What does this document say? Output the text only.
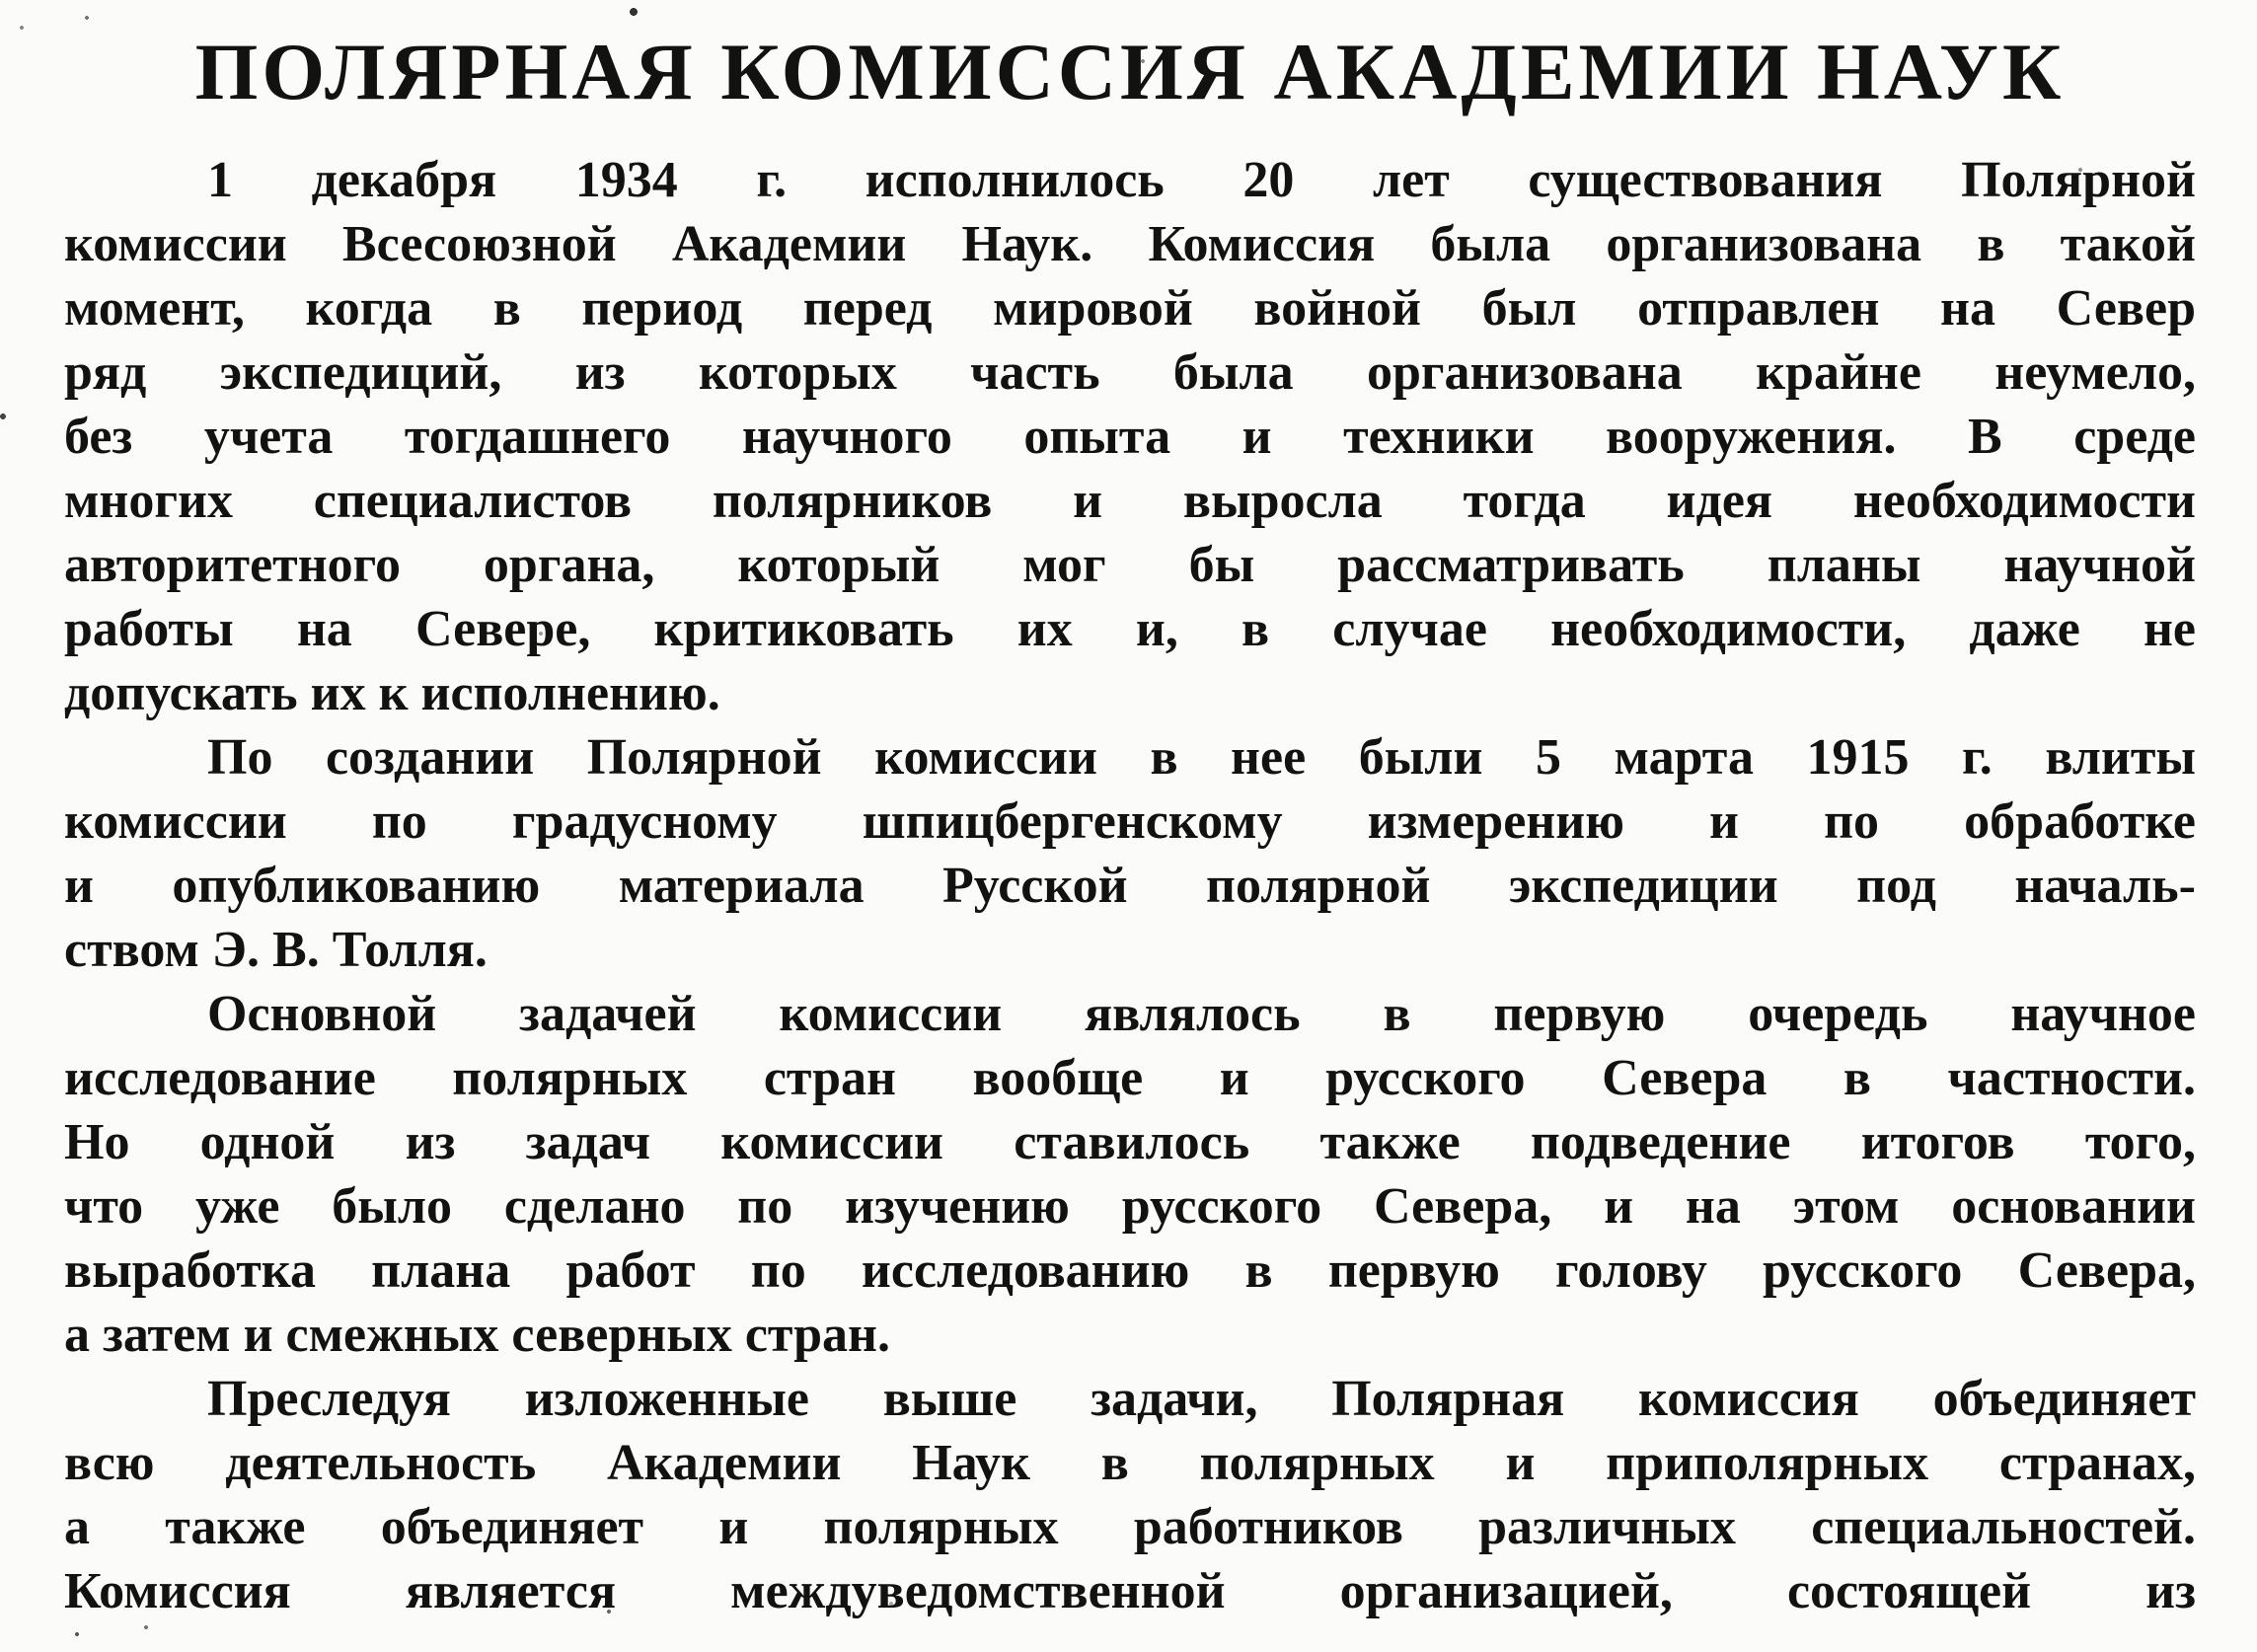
ПОЛЯРНАЯ КОМИССИЯ АКАДЕМИИ НАУК
1 декабря 1934 г. исполнилось 20 лет существования Полярной
комиссии Всесоюзной Академии Наук. Комиссия была организована в такой
момент, когда в период перед мировой войной был отправлен на Север
ряд экспедиций, из которых часть была организована крайне неумело,
без учета тогдашнего научного опыта и техники вооружения. В среде
многих специалистов полярников и выросла тогда идея необходимости
авторитетного органа, который мог бы рассматривать планы научной
работы на Севере, критиковать их и, в случае необходимости, даже не
допускать их к исполнению.
По создании Полярной комиссии в нее были 5 марта 1915 г. влиты
комиссии по градусному шпицбергенскому измерению и по обработке
и опубликованию материала Русской полярной экспедиции под началь-
ством Э. В. Толля.
Основной задачей комиссии являлось в первую очередь научное
исследование полярных стран вообще и русского Севера в частности.
Но одной из задач комиссии ставилось также подведение итогов того,
что уже было сделано по изучению русского Севера, и на этом основании
выработка плана работ по исследованию в первую голову русского Севера,
а затем и смежных северных стран.
Преследуя изложенные выше задачи, Полярная комиссия объединяет
всю деятельность Академии Наук в полярных и приполярных странах,
а также объединяет и полярных работников различных специальностей.
Комиссия является междуведомственной организацией, состоящей из
